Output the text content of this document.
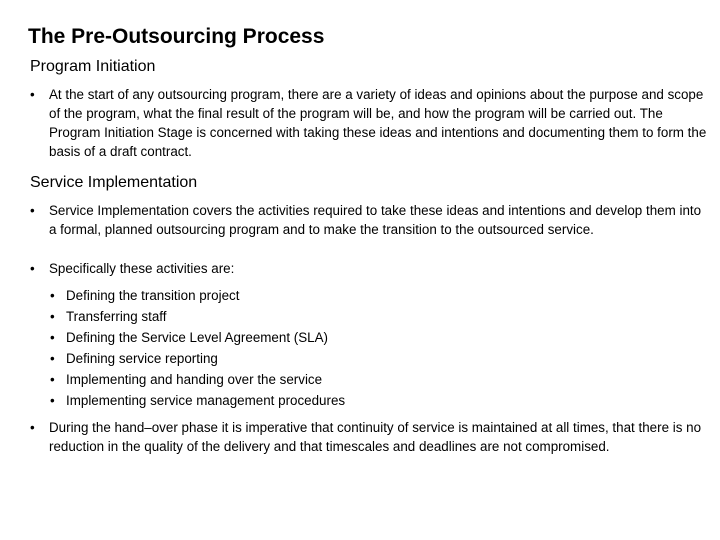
The Pre-Outsourcing Process
Program Initiation
•	At the start of any outsourcing program, there are a variety of ideas and opinions about the purpose and scope of the program, what the final result of the program will be, and how the program will be carried out. The Program Initiation Stage is concerned with taking these ideas and intentions and documenting them to form the basis of a draft contract.
Service Implementation
•	Service Implementation covers the activities required to take these ideas and intentions and develop them into a formal, planned outsourcing program and to make the transition to the outsourced service.
•	Specifically these activities are:
• Defining the transition project
• Transferring staff
• Defining the Service Level Agreement (SLA)
• Defining service reporting
• Implementing and handing over the service
• Implementing service management procedures
•	During the hand–over phase it is imperative that continuity of service is maintained at all times, that there is no reduction in the quality of the delivery and that timescales and deadlines are not compromised.
